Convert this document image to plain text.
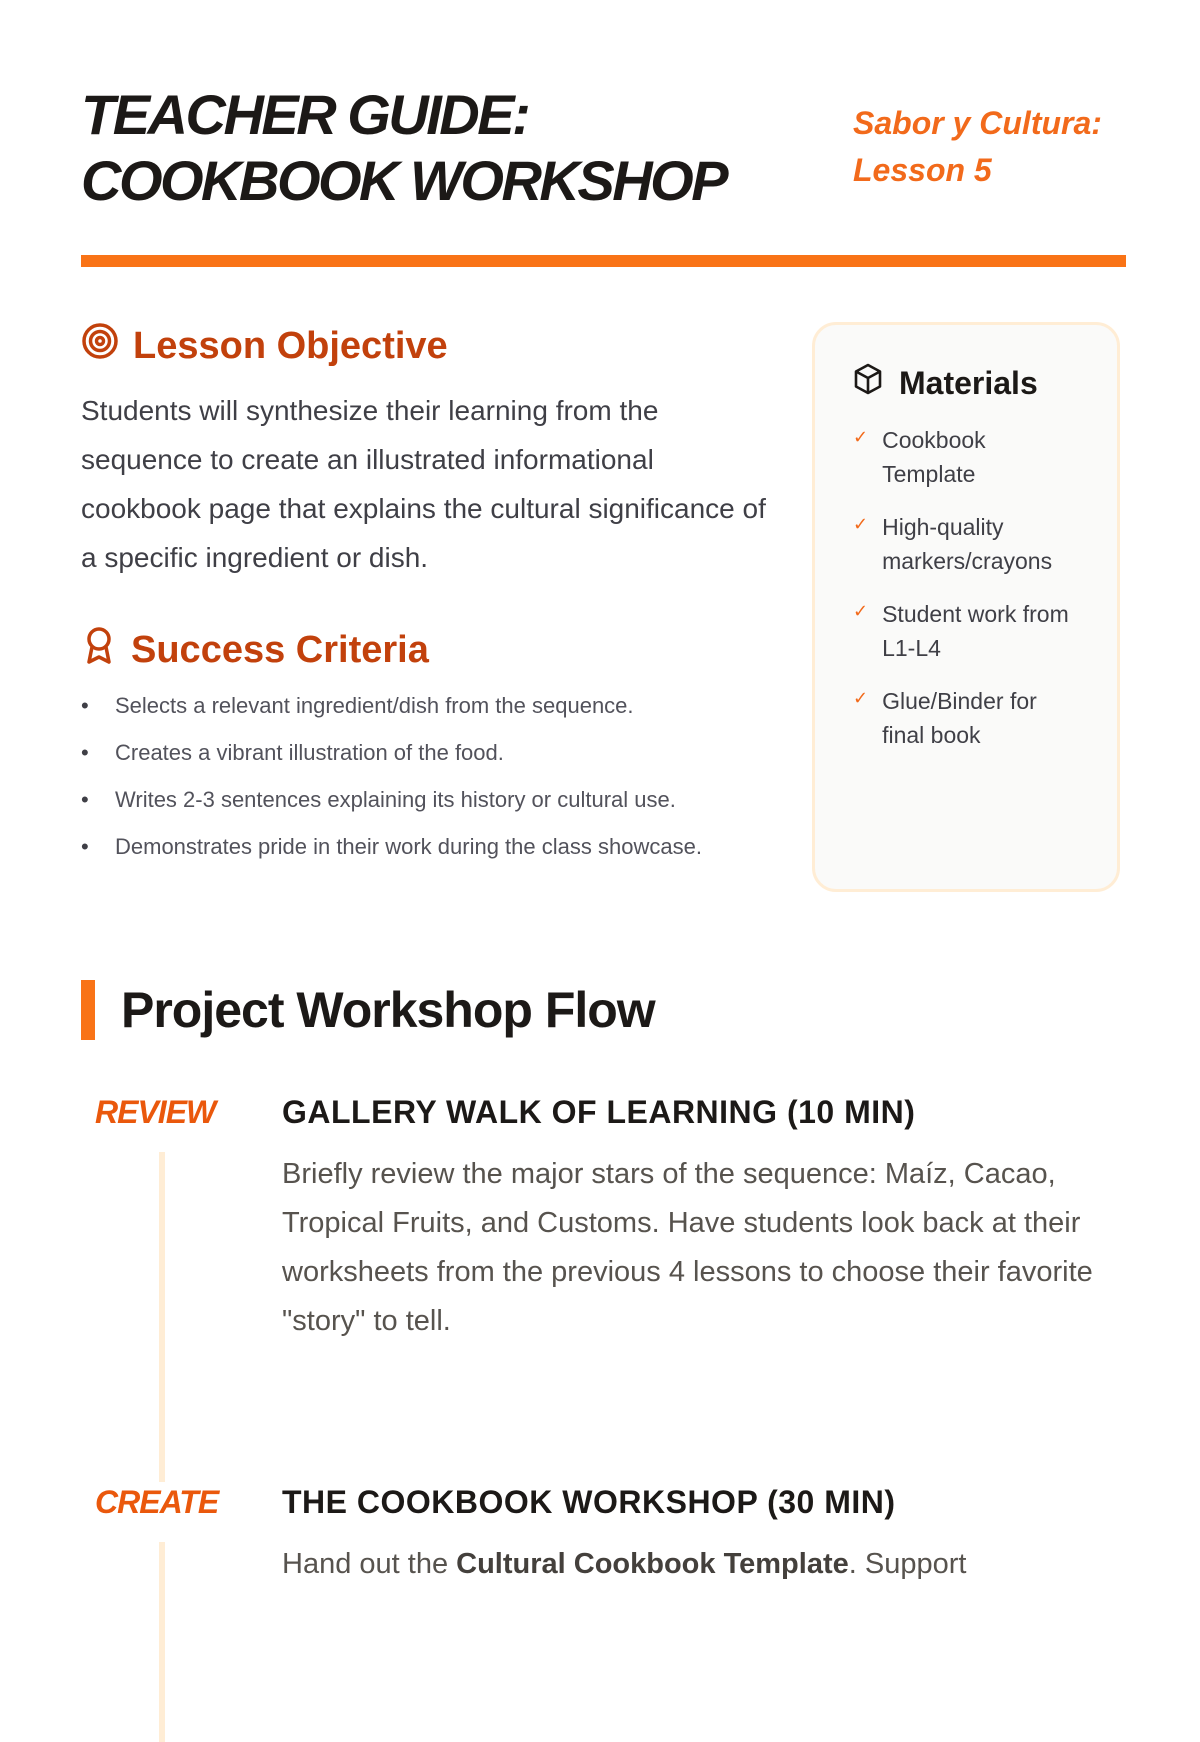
TEACHER GUIDE:
COOKBOOK WORKSHOP
Sabor y Cultura:
Lesson 5
Lesson Objective

Students will synthesize their learning from the sequence to create an illustrated informational cookbook page that explains the cultural significance of a specific ingredient or dish.

Success Criteria
• Selects a relevant ingredient/dish from the sequence.
• Creates a vibrant illustration of the food.
• Writes 2-3 sentences explaining its history or cultural use.
• Demonstrates pride in their work during the class showcase.
Materials
✓ Cookbook Template
✓ High-quality markers/crayons
✓ Student work from L1-L4
✓ Glue/Binder for final book
Project Workshop Flow
REVIEW GALLERY WALK OF LEARNING (10 MIN)

Briefly review the major stars of the sequence: Maíz, Cacao, Tropical Fruits, and Customs. Have students look back at their worksheets from the previous 4 lessons to choose their favorite "story" to tell.

CREATE THE COOKBOOK WORKSHOP (30 MIN)

Hand out the Cultural Cookbook Template. Support
